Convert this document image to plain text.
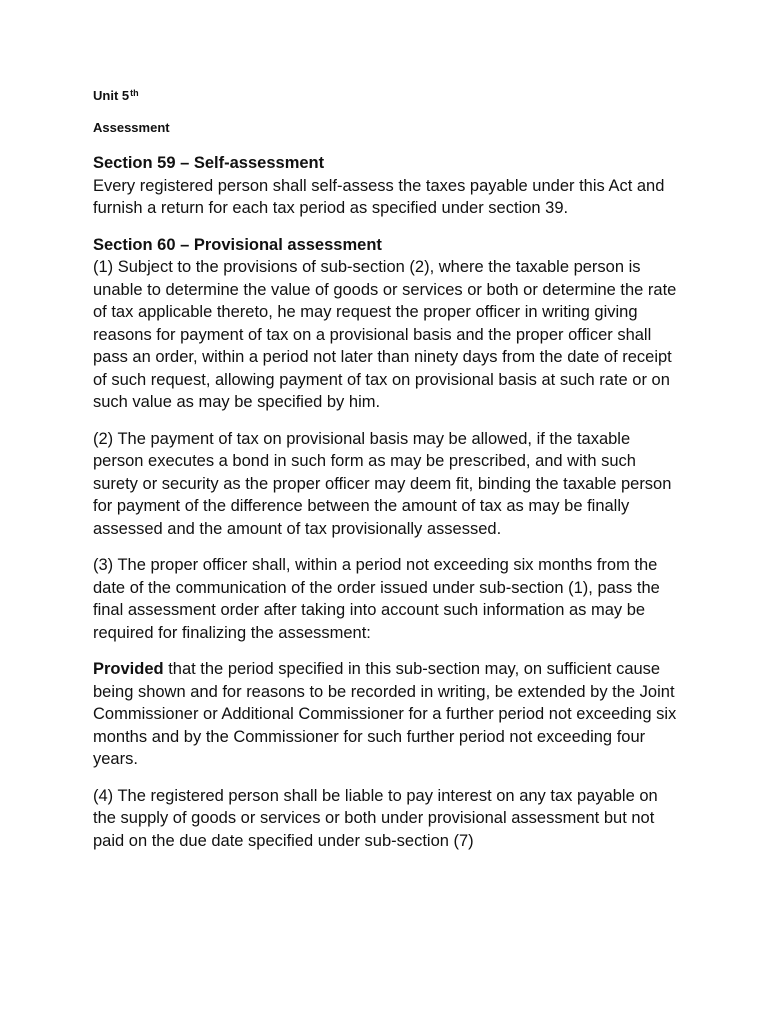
Unit 5th

Assessment

Section 59 – Self-assessment

Every registered person shall self-assess the taxes payable under this Act and furnish a return for each tax period as specified under section 39.

Section 60 – Provisional assessment

(1) Subject to the provisions of sub-section (2), where the taxable person is unable to determine the value of goods or services or both or determine the rate of tax applicable thereto, he may request the proper officer in writing giving reasons for payment of tax on a provisional basis and the proper officer shall pass an order, within a period not later than ninety days from the date of receipt of such request, allowing payment of tax on provisional basis at such rate or on such value as may be specified by him.

(2) The payment of tax on provisional basis may be allowed, if the taxable person executes a bond in such form as may be prescribed, and with such surety or security as the proper officer may deem fit, binding the taxable person for payment of the difference between the amount of tax as may be finally assessed and the amount of tax provisionally assessed.

(3) The proper officer shall, within a period not exceeding six months from the date of the communication of the order issued under sub-section (1), pass the final assessment order after taking into account such information as may be required for finalizing the assessment:

Provided that the period specified in this sub-section may, on sufficient cause being shown and for reasons to be recorded in writing, be extended by the Joint Commissioner or Additional Commissioner for a further period not exceeding six months and by the Commissioner for such further period not exceeding four years.

(4) The registered person shall be liable to pay interest on any tax payable on the supply of goods or services or both under provisional assessment but not paid on the due date specified under sub-section (7)
